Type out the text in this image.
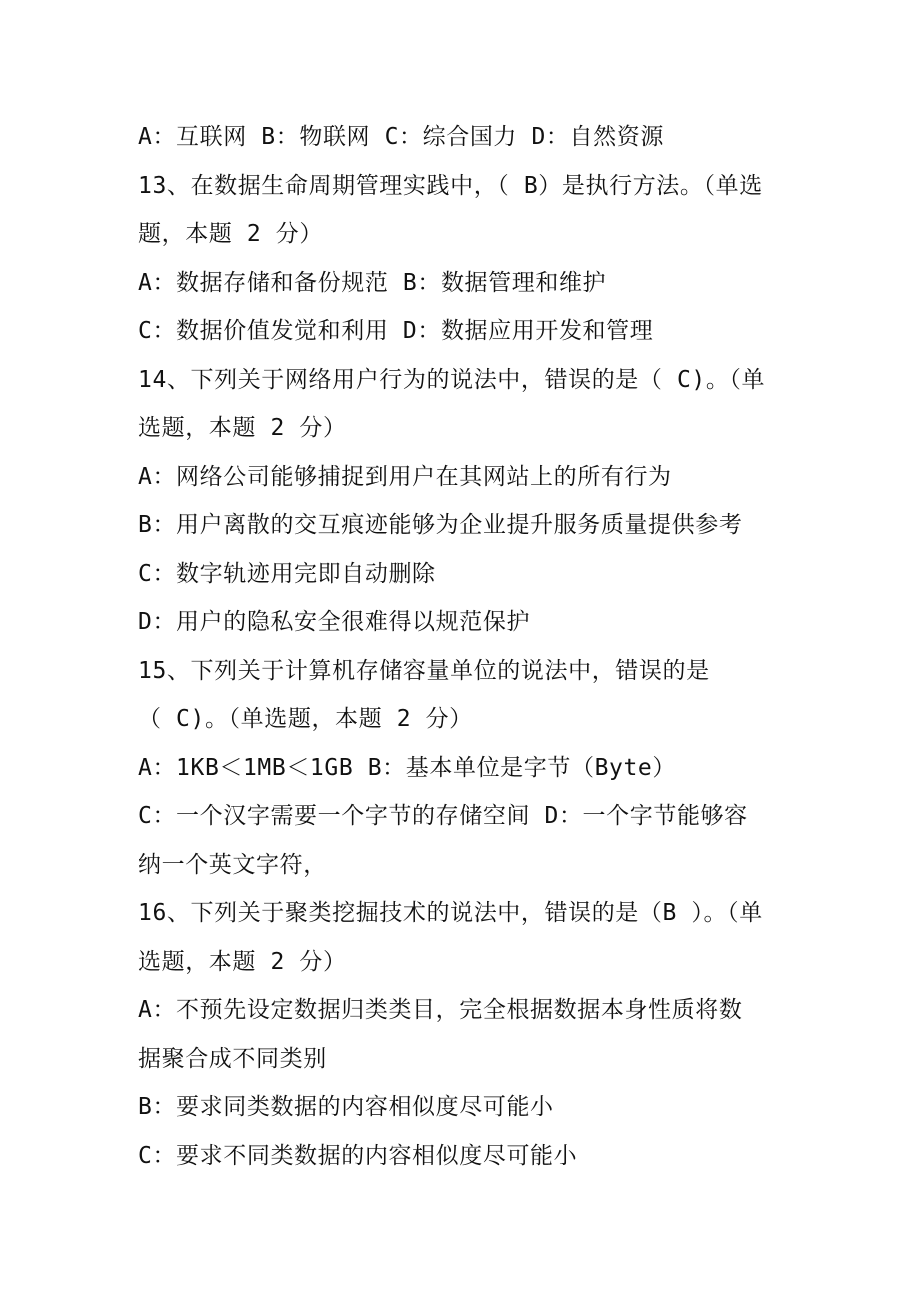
A：互联网 B：物联网 C：综合国力 D：自然资源
13、在数据生命周期管理实践中，（ B）是执行方法。（单选
题，本题 2 分）
A：数据存储和备份规范 B：数据管理和维护
C：数据价值发觉和利用 D：数据应用开发和管理
14、下列关于网络用户行为的说法中，错误的是（ C)。（单
选题，本题 2 分）
A：网络公司能够捕捉到用户在其网站上的所有行为
B：用户离散的交互痕迹能够为企业提升服务质量提供参考
C：数字轨迹用完即自动删除
D：用户的隐私安全很难得以规范保护
15、下列关于计算机存储容量单位的说法中，错误的是
（ C)。（单选题，本题 2 分）
A：1KB＜1MB＜1GB B：基本单位是字节（Byte）
C：一个汉字需要一个字节的存储空间 D：一个字节能够容
纳一个英文字符，
16、下列关于聚类挖掘技术的说法中，错误的是（B ）。（单
选题，本题 2 分）
A：不预先设定数据归类类目，完全根据数据本身性质将数
据聚合成不同类别
B：要求同类数据的内容相似度尽可能小
C：要求不同类数据的内容相似度尽可能小
